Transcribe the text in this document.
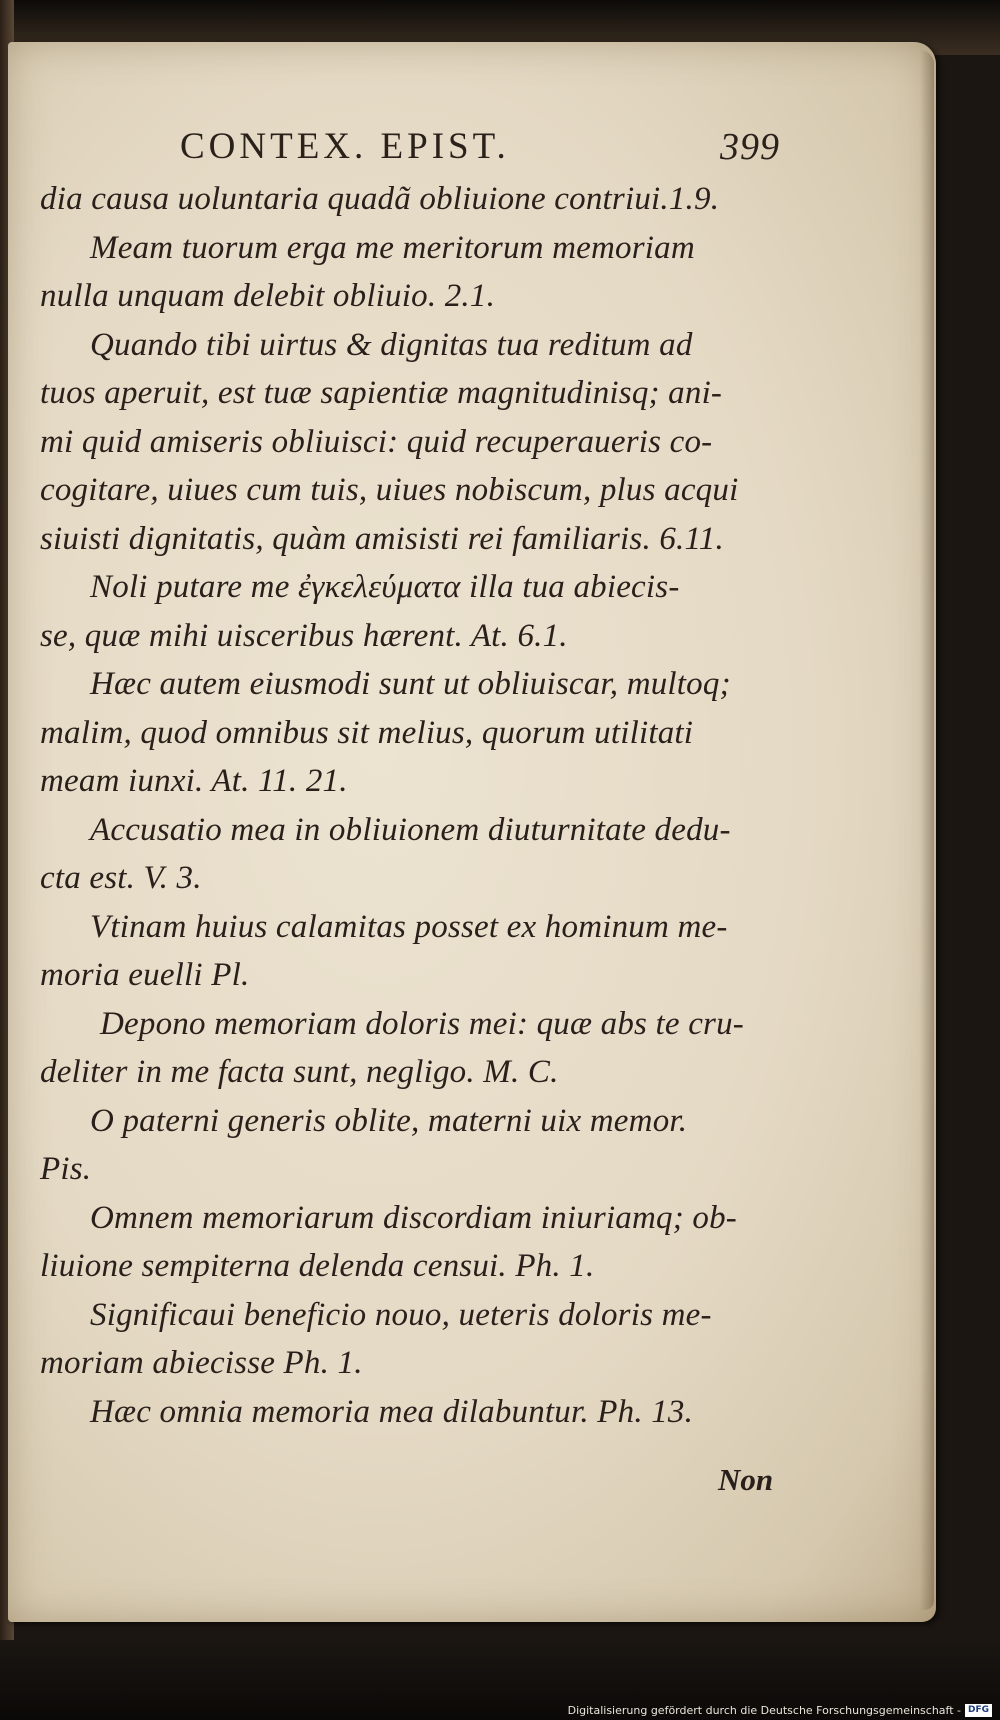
CONTEX. EPIST.	399
dia causa uoluntaria quadã obliuione contriui.1.9.
Meam tuorum erga me meritorum memoriam
nulla unquam delebit obliuio. 2.1.
Quando tibi uirtus & dignitas tua reditum ad
tuos aperuit, est tuæ sapientiæ magnitudinisq; ani-
mi quid amiseris obliuisci: quid recuperaueris co-
cogitare, uiues cum tuis, uiues nobiscum, plus acqui
siuisti dignitatis, quàm amisisti rei familiaris. 6.11.
Noli putare me ἐγκελεύματα illa tua abiecis-
se, quæ mihi uisceribus hærent. At. 6.1.
Hæc autem eiusmodi sunt ut obliuiscar, multoq;
malim, quod omnibus sit melius, quorum utilitati
meam iunxi. At. 11. 21.
Accusatio mea in obliuionem diuturnitate dedu-
cta est. V. 3.
Vtinam huius calamitas posset ex hominum me-
moria euelli Pl.
Depono memoriam doloris mei: quæ abs te cru-
deliter in me facta sunt, negligo. M. C.
O paterni generis oblite, materni uix memor.
Pis.
Omnem memoriarum discordiam iniuriamq; ob-
liuione sempiterna delenda censui. Ph. 1.
Significaui beneficio nouo, ueteris doloris me-
moriam abiecisse Ph. 1.
Hæc omnia memoria mea dilabuntur. Ph. 13.
Non
Digitalisierung gefördert durch die Deutsche Forschungsgemeinschaft - DFG
